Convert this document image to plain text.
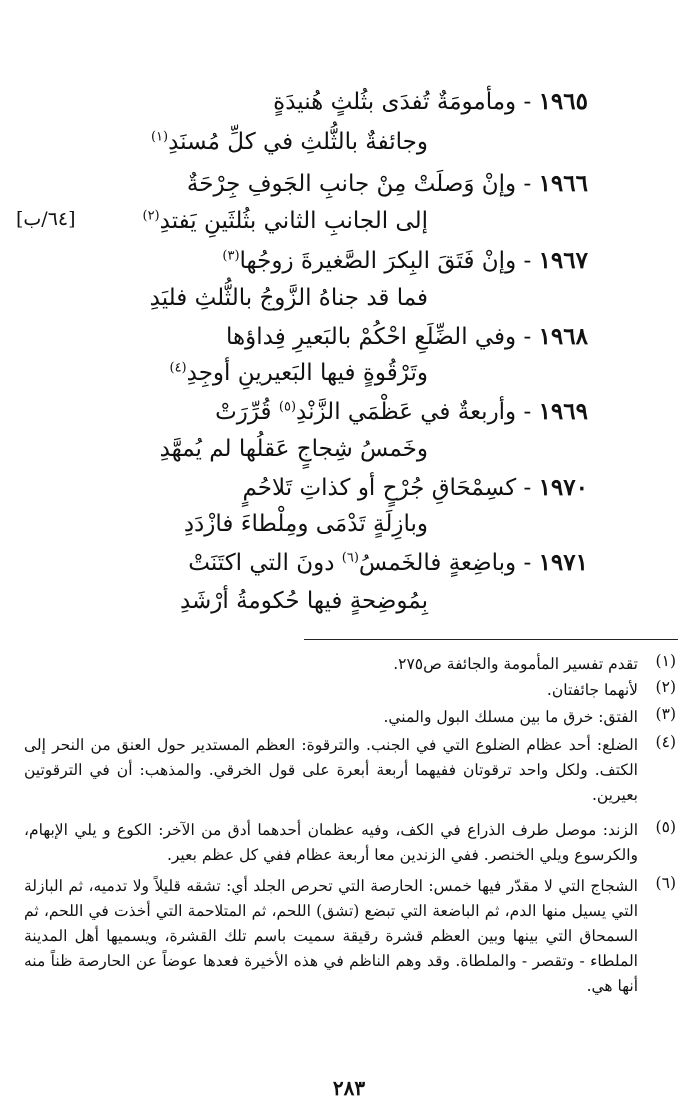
١٩٦٥ - ومأمومَةٌ تُفدَى بثُلثٍ هُنيدَةٍ
وجائفةٌ بالثُّلثِ في كلِّ مُسنَدِ$^{(١)}$
١٩٦٦ - وإنْ وَصلَتْ مِنْ جانبِ الجَوفِ جِرْحَةٌ
إلى الجانبِ الثاني بثُلثَينِ يَفتدِ$^{(٢)}$
[٦٤/ب]
١٩٦٧ - وإنْ فَتَقَ البِكرَ الصَّغيرةَ زوجُها$^{(٣)}$
فما قد جناهُ الزَّوجُ بالثُّلثِ فليَدِ
١٩٦٨ - وفي الضِّلَعِ احْكُمْ بالبَعيرِ فِداؤها
وتَرْقُوةٍ فيها البَعيرينِ أوجِدِ$^{(٤)}$
١٩٦٩ - وأربعةٌ في عَظْمَي الزَّنْدِ$^{(٥)}$ قُرِّرَتْ
وخَمسُ شِجاجٍ عَقلُها لم يُمهَّدِ
١٩٧٠ - كسِمْحَاقِ جُرْحٍ أو كذاتِ تَلاحُمٍ
وبازِلَةٍ تَدْمَى ومِلْطاءَ فازْدَدِ
١٩٧١ - وباضِعةٍ فالخَمسُ$^{(٦)}$ دونَ التي اكتَنَتْ
بِمُوضِحةٍ فيها حُكومةُ أرْشَدِ
(١)
تقدم تفسير المأمومة والجائفة ص٢٧٥.
(٢)
لأنهما جائفتان.
(٣)
الفتق: خرق ما بين مسلك البول والمني.
(٤)
الضلع: أحد عظام الضلوع التي في الجنب. والترقوة: العظم المستدير حول العنق من النحر إلى الكتف. ولكل واحد ترقوتان ففيهما أربعة أبعرة على قول الخرقي. والمذهب: أن في الترقوتين بعيرين.
(٥)
الزند: موصل طرف الذراع في الكف، وفيه عظمان أحدهما أدق من الآخر: الكوع و يلي الإبهام، والكرسوع ويلي الخنصر. ففي الزندين معا أربعة عظام ففي كل عظم بعير.
(٦)
الشجاج التي لا مقدّر فيها خمس: الحارصة التي تحرص الجلد أي: تشقه قليلاً ولا تدميه، ثم البازلة التي يسيل منها الدم، ثم الباضعة التي تبضع (تشق) اللحم، ثم المتلاحمة التي أخذت في اللحم، ثم السمحاق التي بينها وبين العظم قشرة رقيقة سميت باسم تلك القشرة، ويسميها أهل المدينة الملطاء - وتقصر - والملطاة. وقد وهم الناظم في هذه الأخيرة فعدها عوضاً عن الحارصة ظناً منه أنها هي.
٢٨٣
